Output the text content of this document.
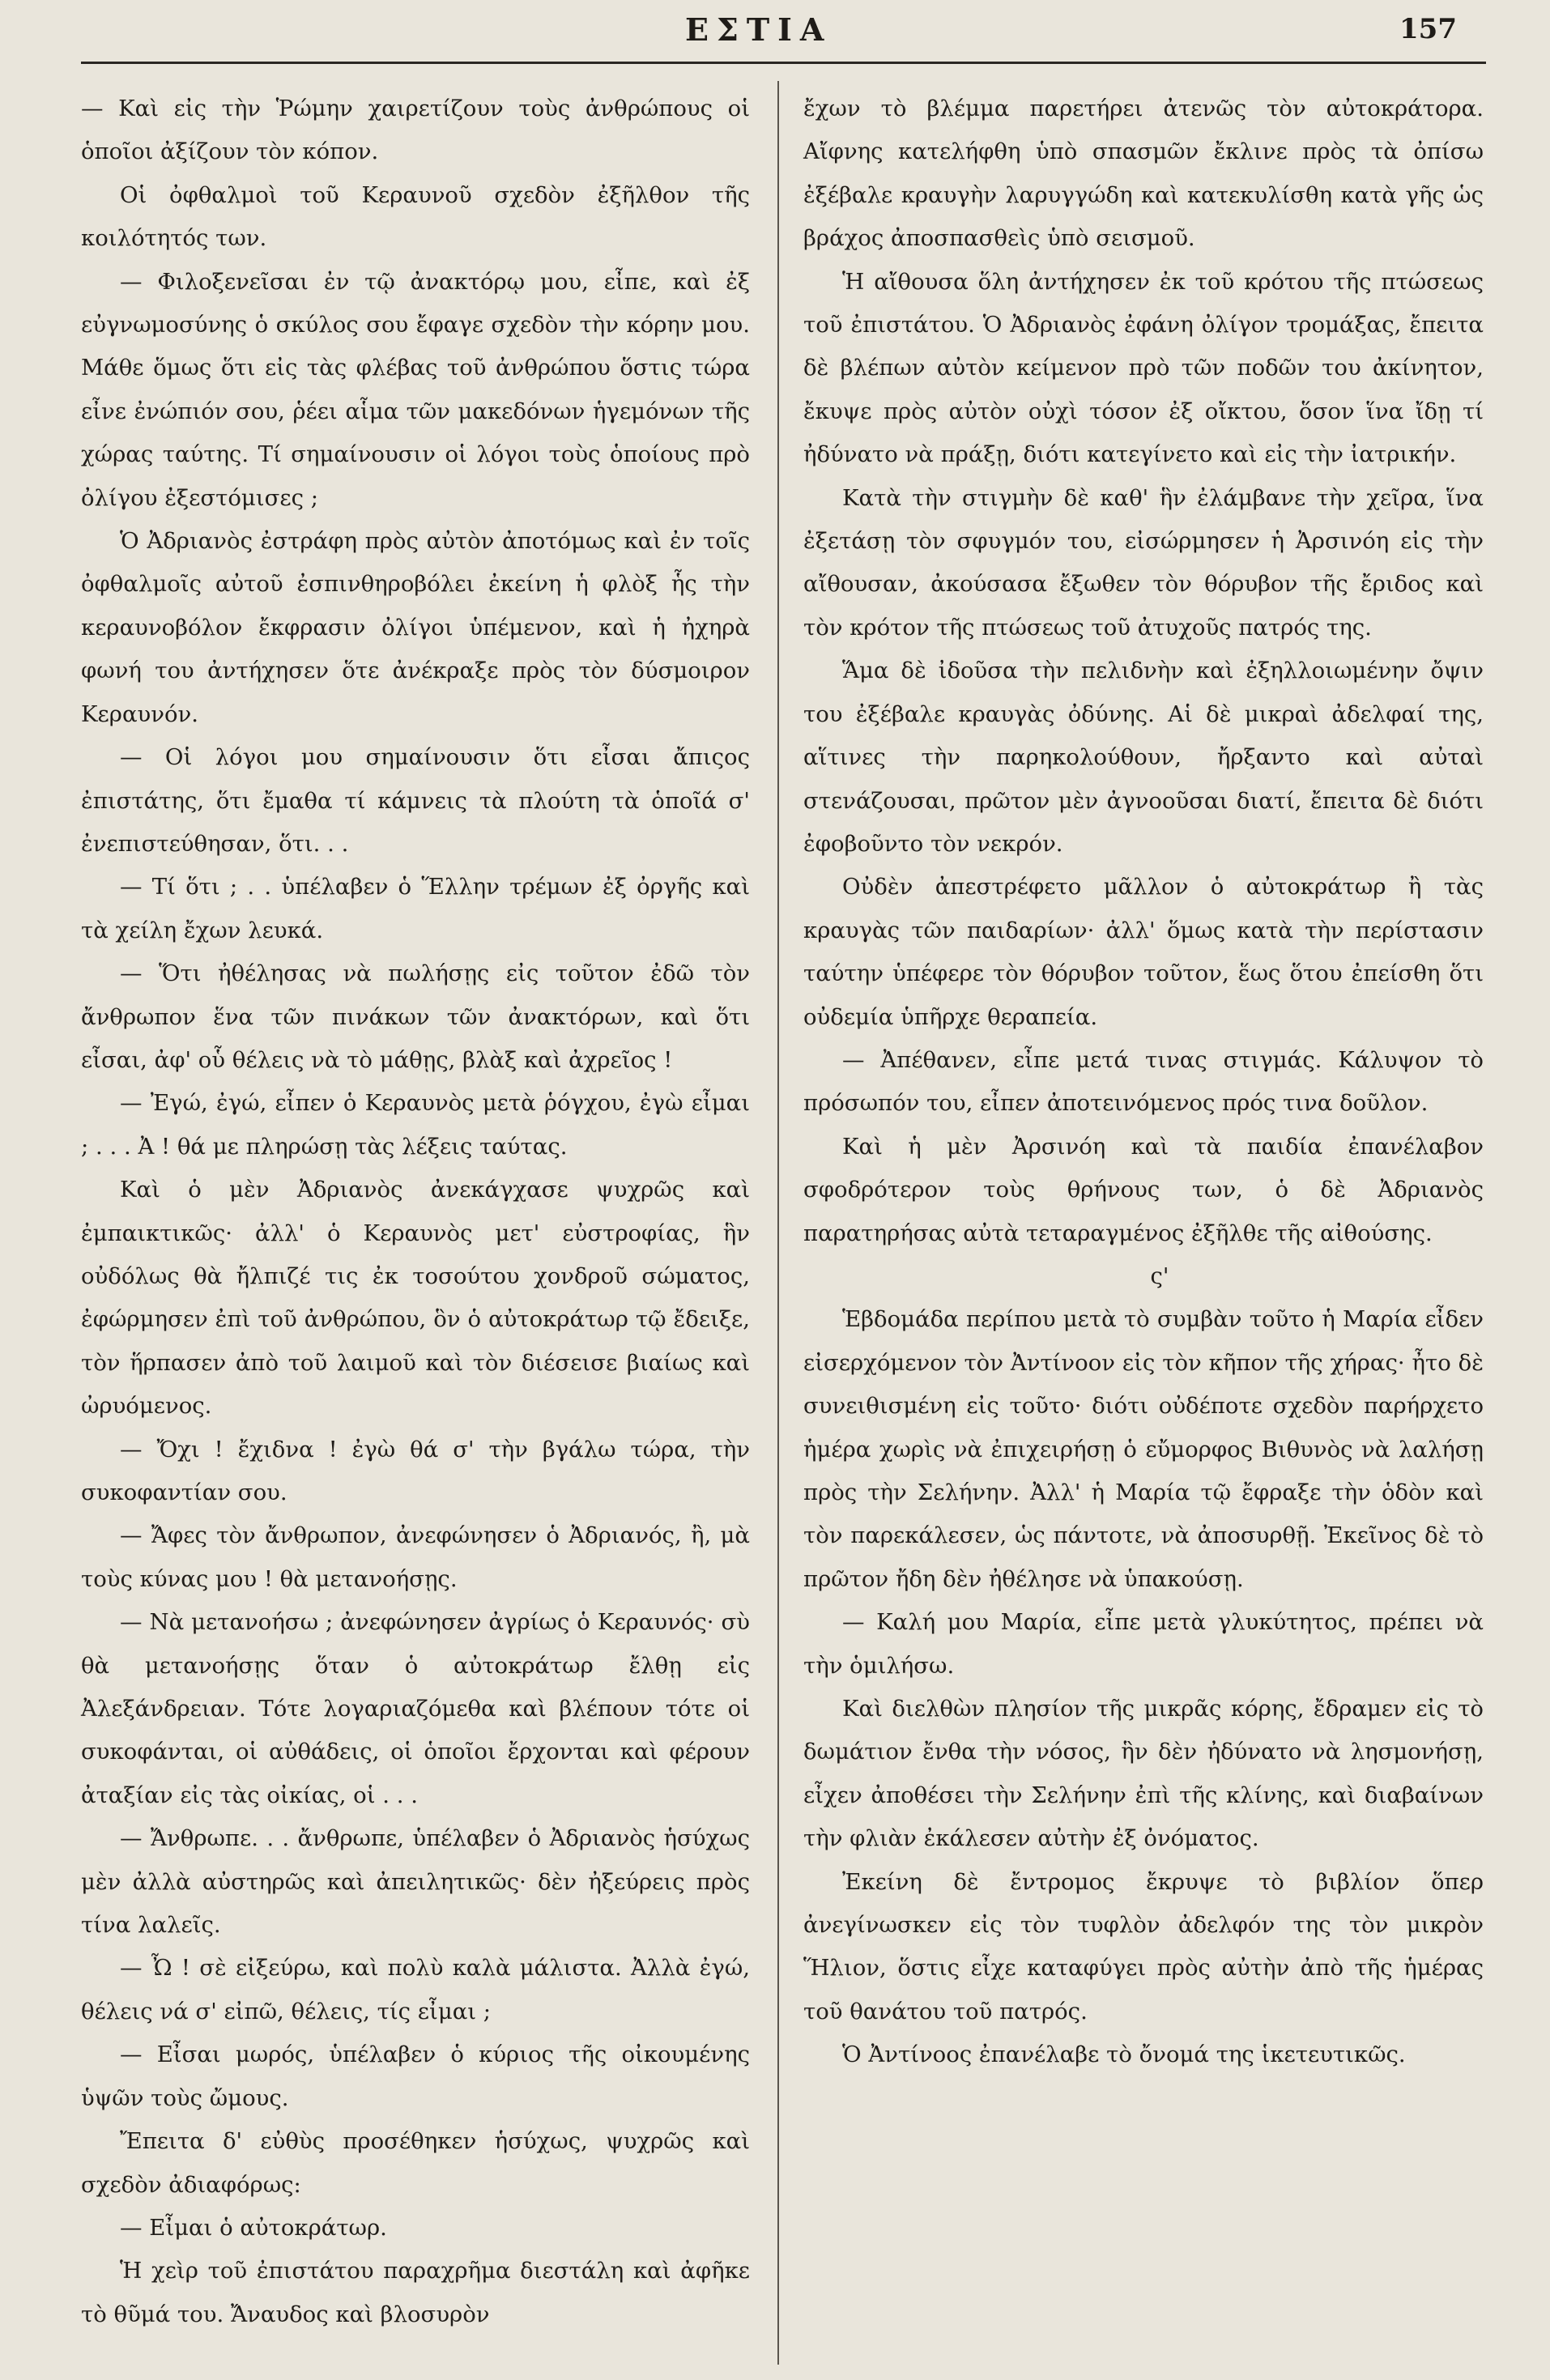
ΕΣΤΙΑ	157

— Καὶ εἰς τὴν Ῥώμην χαιρετίζουν τοὺς ἀνθρώπους οἱ ὁποῖοι ἀξίζουν τὸν κόπον.

Οἱ ὀφθαλμοὶ τοῦ Κεραυνοῦ σχεδὸν ἐξῆλθον τῆς κοιλότητός των.

— Φιλοξενεῖσαι ἐν τῷ ἀνακτόρῳ μου, εἶπε, καὶ ἐξ εὐγνωμοσύνης ὁ σκύλος σου ἔφαγε σχεδὸν τὴν κόρην μου. Μάθε ὅμως ὅτι εἰς τὰς φλέβας τοῦ ἀνθρώπου ὅστις τώρα εἶνε ἐνώπιόν σου, ῥέει αἷμα τῶν μακεδόνων ἡγεμόνων τῆς χώρας ταύτης. Τί σημαίνουσιν οἱ λόγοι τοὺς ὁποίους πρὸ ὀλίγου ἐξεστόμισες ;

Ὁ Ἀδριανὸς ἐστράφη πρὸς αὐτὸν ἀποτόμως καὶ ἐν τοῖς ὀφθαλμοῖς αὐτοῦ ἐσπινθηροβόλει ἐκείνη ἡ φλὸξ ἧς τὴν κεραυνοβόλον ἔκφρασιν ὀλίγοι ὑπέμενον, καὶ ἡ ἠχηρὰ φωνή του ἀντήχησεν ὅτε ἀνέκραξε πρὸς τὸν δύσμοιρον Κεραυνόν.

— Οἱ λόγοι μου σημαίνουσιν ὅτι εἶσαι ἄπιςος ἐπιστάτης, ὅτι ἔμαθα τί κάμνεις τὰ πλούτη τὰ ὁποῖά σ' ἐνεπιστεύθησαν, ὅτι. . .

— Τί ὅτι ; . . ὑπέλαβεν ὁ Ἕλλην τρέμων ἐξ ὀργῆς καὶ τὰ χείλη ἔχων λευκά.

— Ὅτι ἠθέλησας νὰ πωλήσῃς εἰς τοῦτον ἐδῶ τὸν ἄνθρωπον ἕνα τῶν πινάκων τῶν ἀνακτόρων, καὶ ὅτι εἶσαι, ἀφ' οὗ θέλεις νὰ τὸ μάθῃς, βλὰξ καὶ ἀχρεῖος !

— Ἐγώ, ἐγώ, εἶπεν ὁ Κεραυνὸς μετὰ ῥόγχου, ἐγὼ εἶμαι ; . . . Ἀ ! θά με πληρώσῃ τὰς λέξεις ταύτας.

Καὶ ὁ μὲν Ἀδριανὸς ἀνεκάγχασε ψυχρῶς καὶ ἐμπαικτικῶς· ἀλλ' ὁ Κεραυνὸς μετ' εὐστροφίας, ἣν οὐδόλως θὰ ἤλπιζέ τις ἐκ τοσούτου χονδροῦ σώματος, ἐφώρμησεν ἐπὶ τοῦ ἀνθρώπου, ὃν ὁ αὐτοκράτωρ τῷ ἔδειξε, τὸν ἥρπασεν ἀπὸ τοῦ λαιμοῦ καὶ τὸν διέσεισε βιαίως καὶ ὠρυόμενος.

— Ὄχι ! ἔχιδνα ! ἐγὼ θά σ' τὴν βγάλω τώρα, τὴν συκοφαντίαν σου.

— Ἄφες τὸν ἄνθρωπον, ἀνεφώνησεν ὁ Ἀδριανός, ἢ, μὰ τοὺς κύνας μου ! θὰ μετανοήσῃς.

— Νὰ μετανοήσω ; ἀνεφώνησεν ἀγρίως ὁ Κεραυνός· σὺ θὰ μετανοήσῃς ὅταν ὁ αὐτοκράτωρ ἔλθῃ εἰς Ἀλεξάνδρειαν. Τότε λογαριαζόμεθα καὶ βλέπουν τότε οἱ συκοφάνται, οἱ αὐθάδεις, οἱ ὁποῖοι ἔρχονται καὶ φέρουν ἀταξίαν εἰς τὰς οἰκίας, οἱ . . .

— Ἄνθρωπε. . . ἄνθρωπε, ὑπέλαβεν ὁ Ἀδριανὸς ἡσύχως μὲν ἀλλὰ αὐστηρῶς καὶ ἀπειλητικῶς· δὲν ἠξεύρεις πρὸς τίνα λαλεῖς.

— Ὦ ! σὲ εἰξεύρω, καὶ πολὺ καλὰ μάλιστα. Ἀλλὰ ἐγώ, θέλεις νά σ' εἰπῶ, θέλεις, τίς εἶμαι ;

— Εἶσαι μωρός, ὑπέλαβεν ὁ κύριος τῆς οἰκουμένης ὑψῶν τοὺς ὤμους.

Ἔπειτα δ' εὐθὺς προσέθηκεν ἡσύχως, ψυχρῶς καὶ σχεδὸν ἀδιαφόρως:

— Εἶμαι ὁ αὐτοκράτωρ.

Ἡ χεὶρ τοῦ ἐπιστάτου παραχρῆμα διεστάλη καὶ ἀφῆκε τὸ θῦμά του. Ἄναυδος καὶ βλοσυρὸν

ἔχων τὸ βλέμμα παρετήρει ἀτενῶς τὸν αὐτοκράτορα. Αἴφνης κατελήφθη ὑπὸ σπασμῶν ἔκλινε πρὸς τὰ ὀπίσω ἐξέβαλε κραυγὴν λαρυγγώδη καὶ κατεκυλίσθη κατὰ γῆς ὡς βράχος ἀποσπασθεὶς ὑπὸ σεισμοῦ.

Ἡ αἴθουσα ὅλη ἀντήχησεν ἐκ τοῦ κρότου τῆς πτώσεως τοῦ ἐπιστάτου. Ὁ Ἀδριανὸς ἐφάνη ὀλίγον τρομάξας, ἔπειτα δὲ βλέπων αὐτὸν κείμενον πρὸ τῶν ποδῶν του ἀκίνητον, ἔκυψε πρὸς αὐτὸν οὐχὶ τόσον ἐξ οἴκτου, ὅσον ἵνα ἴδῃ τί ἠδύνατο νὰ πράξῃ, διότι κατεγίνετο καὶ εἰς τὴν ἰατρικήν.

Κατὰ τὴν στιγμὴν δὲ καθ' ἣν ἐλάμβανε τὴν χεῖρα, ἵνα ἐξετάσῃ τὸν σφυγμόν του, εἰσώρμησεν ἡ Ἀρσινόη εἰς τὴν αἴθουσαν, ἀκούσασα ἔξωθεν τὸν θόρυβον τῆς ἔριδος καὶ τὸν κρότον τῆς πτώσεως τοῦ ἀτυχοῦς πατρός της.

Ἅμα δὲ ἰδοῦσα τὴν πελιδνὴν καὶ ἐξηλλοιωμένην ὄψιν του ἐξέβαλε κραυγὰς ὀδύνης. Αἱ δὲ μικραὶ ἀδελφαί της, αἵτινες τὴν παρηκολούθουν, ἤρξαντο καὶ αὐταὶ στενάζουσαι, πρῶτον μὲν ἀγνοοῦσαι διατί, ἔπειτα δὲ διότι ἐφοβοῦντο τὸν νεκρόν.

Οὐδὲν ἀπεστρέφετο μᾶλλον ὁ αὐτοκράτωρ ἢ τὰς κραυγὰς τῶν παιδαρίων· ἀλλ' ὅμως κατὰ τὴν περίστασιν ταύτην ὑπέφερε τὸν θόρυβον τοῦτον, ἕως ὅτου ἐπείσθη ὅτι οὐδεμία ὑπῆρχε θεραπεία.

— Ἀπέθανεν, εἶπε μετά τινας στιγμάς. Κάλυψον τὸ πρόσωπόν του, εἶπεν ἀποτεινόμενος πρός τινα δοῦλον.

Καὶ ἡ μὲν Ἀρσινόη καὶ τὰ παιδία ἐπανέλαβον σφοδρότερον τοὺς θρήνους των, ὁ δὲ Ἀδριανὸς παρατηρήσας αὐτὰ τεταραγμένος ἐξῆλθε τῆς αἰθούσης.

ς'

Ἑβδομάδα περίπου μετὰ τὸ συμβὰν τοῦτο ἡ Μαρία εἶδεν εἰσερχόμενον τὸν Ἀντίνοον εἰς τὸν κῆπον τῆς χήρας· ἦτο δὲ συνειθισμένη εἰς τοῦτο· διότι οὐδέποτε σχεδὸν παρήρχετο ἡμέρα χωρὶς νὰ ἐπιχειρήσῃ ὁ εὔμορφος Βιθυνὸς νὰ λαλήσῃ πρὸς τὴν Σελήνην. Ἀλλ' ἡ Μαρία τῷ ἔφραξε τὴν ὁδὸν καὶ τὸν παρεκάλεσεν, ὡς πάντοτε, νὰ ἀποσυρθῇ. Ἐκεῖνος δὲ τὸ πρῶτον ἤδη δὲν ἠθέλησε νὰ ὑπακούσῃ.

— Καλή μου Μαρία, εἶπε μετὰ γλυκύτητος, πρέπει νὰ τὴν ὁμιλήσω.

Καὶ διελθὼν πλησίον τῆς μικρᾶς κόρης, ἔδραμεν εἰς τὸ δωμάτιον ἔνθα τὴν νόσος, ἣν δὲν ἠδύνατο νὰ λησμονήσῃ, εἶχεν ἀποθέσει τὴν Σελήνην ἐπὶ τῆς κλίνης, καὶ διαβαίνων τὴν φλιὰν ἐκάλεσεν αὐτὴν ἐξ ὀνόματος.

Ἐκείνη δὲ ἔντρομος ἔκρυψε τὸ βιβλίον ὅπερ ἀνεγίνωσκεν εἰς τὸν τυφλὸν ἀδελφόν της τὸν μικρὸν Ἥλιον, ὅστις εἶχε καταφύγει πρὸς αὐτὴν ἀπὸ τῆς ἡμέρας τοῦ θανάτου τοῦ πατρός.

Ὁ Ἀντίνοος ἐπανέλαβε τὸ ὄνομά της ἱκετευτικῶς.
